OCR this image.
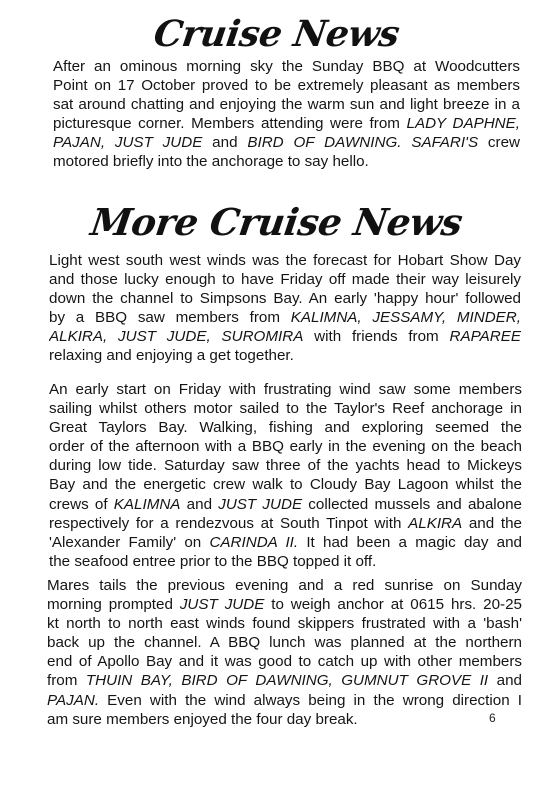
Cruise News
After an ominous morning sky the Sunday BBQ at Woodcutters
Point on 17 October proved to be extremely pleasant as members
sat around chatting and enjoying the warm sun and light breeze in a
picturesque corner. Members attending were from LADY DAPHNE,
PAJAN, JUST JUDE and BIRD OF DAWNING. SAFARI'S crew
motored briefly into the anchorage to say hello.
More Cruise News
Light west south west winds was the forecast for Hobart Show Day
and those lucky enough to have Friday off made their way leisurely
down the channel to Simpsons Bay. An early 'happy hour' followed
by a BBQ saw members from KALIMNA, JESSAMY, MINDER,
ALKIRA, JUST JUDE, SUROMIRA with friends from RAPAREE
relaxing and enjoying a get together.
An early start on Friday with frustrating wind saw some members
sailing whilst others motor sailed to the Taylor's Reef anchorage in
Great Taylors Bay. Walking, fishing and exploring seemed the
order of the afternoon with a BBQ early in the evening on the beach
during low tide. Saturday saw three of the yachts head to Mickeys
Bay and the energetic crew walk to Cloudy Bay Lagoon whilst the
crews of KALIMNA and JUST JUDE collected mussels and abalone
respectively for a rendezvous at South Tinpot with ALKIRA and the
'Alexander Family' on CARINDA II. It had been a magic day and
the seafood entree prior to the BBQ topped it off.
Mares tails the previous evening and a red sunrise on Sunday
morning prompted JUST JUDE to weigh anchor at 0615 hrs. 20-25
kt north to north east winds found skippers frustrated with a 'bash'
back up the channel. A BBQ lunch was planned at the northern
end of Apollo Bay and it was good to catch up with other members
from THUIN BAY, BIRD OF DAWNING, GUMNUT GROVE II and
PAJAN. Even with the wind always being in the wrong direction I
am sure members enjoyed the four day break.	6
